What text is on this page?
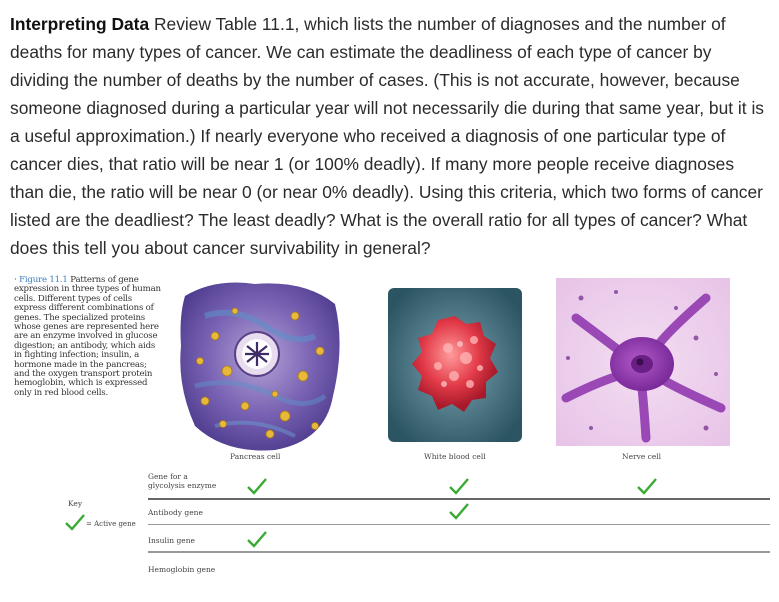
Interpreting Data Review Table 11.1, which lists the number of diagnoses and the number of deaths for many types of cancer. We can estimate the deadliness of each type of cancer by dividing the number of deaths by the number of cases. (This is not accurate, however, because someone diagnosed during a particular year will not necessarily die during that same year, but it is a useful approximation.) If nearly everyone who received a diagnosis of one particular type of cancer dies, that ratio will be near 1 (or 100% deadly). If many more people receive diagnoses than die, the ratio will be near 0 (or near 0% deadly). Using this criteria, which two forms of cancer listed are the deadliest? The least deadly? What is the overall ratio for all types of cancer? What does this tell you about cancer survivability in general?
· Figure 11.1 Patterns of gene expression in three types of human cells. Different types of cells express different combinations of genes. The specialized proteins whose genes are represented here are an enzyme involved in glucose digestion; an antibody, which aids in fighting infection; insulin, a hormone made in the pancreas; and the oxygen transport protein hemoglobin, which is expressed only in red blood cells.
Pancreas cell	White blood cell	Nerve cell
Gene for a glycolysis enzyme
Antibody gene
Insulin gene
Hemoglobin gene
Key
= Active gene
